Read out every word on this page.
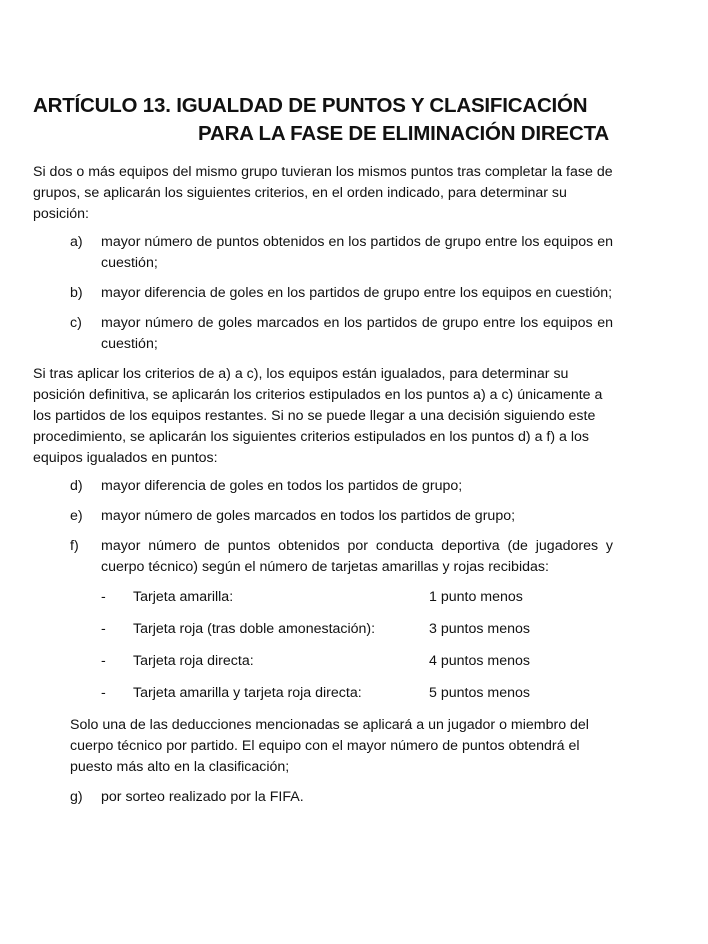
ARTÍCULO 13. IGUALDAD DE PUNTOS Y CLASIFICACIÓN
PARA LA FASE DE ELIMINACIÓN DIRECTA

Si dos o más equipos del mismo grupo tuvieran los mismos puntos tras completar la fase de grupos, se aplicarán los siguientes criterios, en el orden indicado, para determinar su posición:

a)	mayor número de puntos obtenidos en los partidos de grupo entre los equipos en cuestión;
b)	mayor diferencia de goles en los partidos de grupo entre los equipos en cuestión;
c)	mayor número de goles marcados en los partidos de grupo entre los equipos en cuestión;

Si tras aplicar los criterios de a) a c), los equipos están igualados, para determinar su posición definitiva, se aplicarán los criterios estipulados en los puntos a) a c) únicamente a los partidos de los equipos restantes. Si no se puede llegar a una decisión siguiendo este procedimiento, se aplicarán los siguientes criterios estipulados en los puntos d) a f) a los equipos igualados en puntos:

d)	mayor diferencia de goles en todos los partidos de grupo;
e)	mayor número de goles marcados en todos los partidos de grupo;
f)	mayor número de puntos obtenidos por conducta deportiva (de jugadores y cuerpo técnico) según el número de tarjetas amarillas y rojas recibidas:
-	Tarjeta amarilla:	1 punto menos
-	Tarjeta roja (tras doble amonestación):	3 puntos menos
-	Tarjeta roja directa:	4 puntos menos
-	Tarjeta amarilla y tarjeta roja directa:	5 puntos menos

Solo una de las deducciones mencionadas se aplicará a un jugador o miembro del cuerpo técnico por partido. El equipo con el mayor número de puntos obtendrá el puesto más alto en la clasificación;

g)	por sorteo realizado por la FIFA.
